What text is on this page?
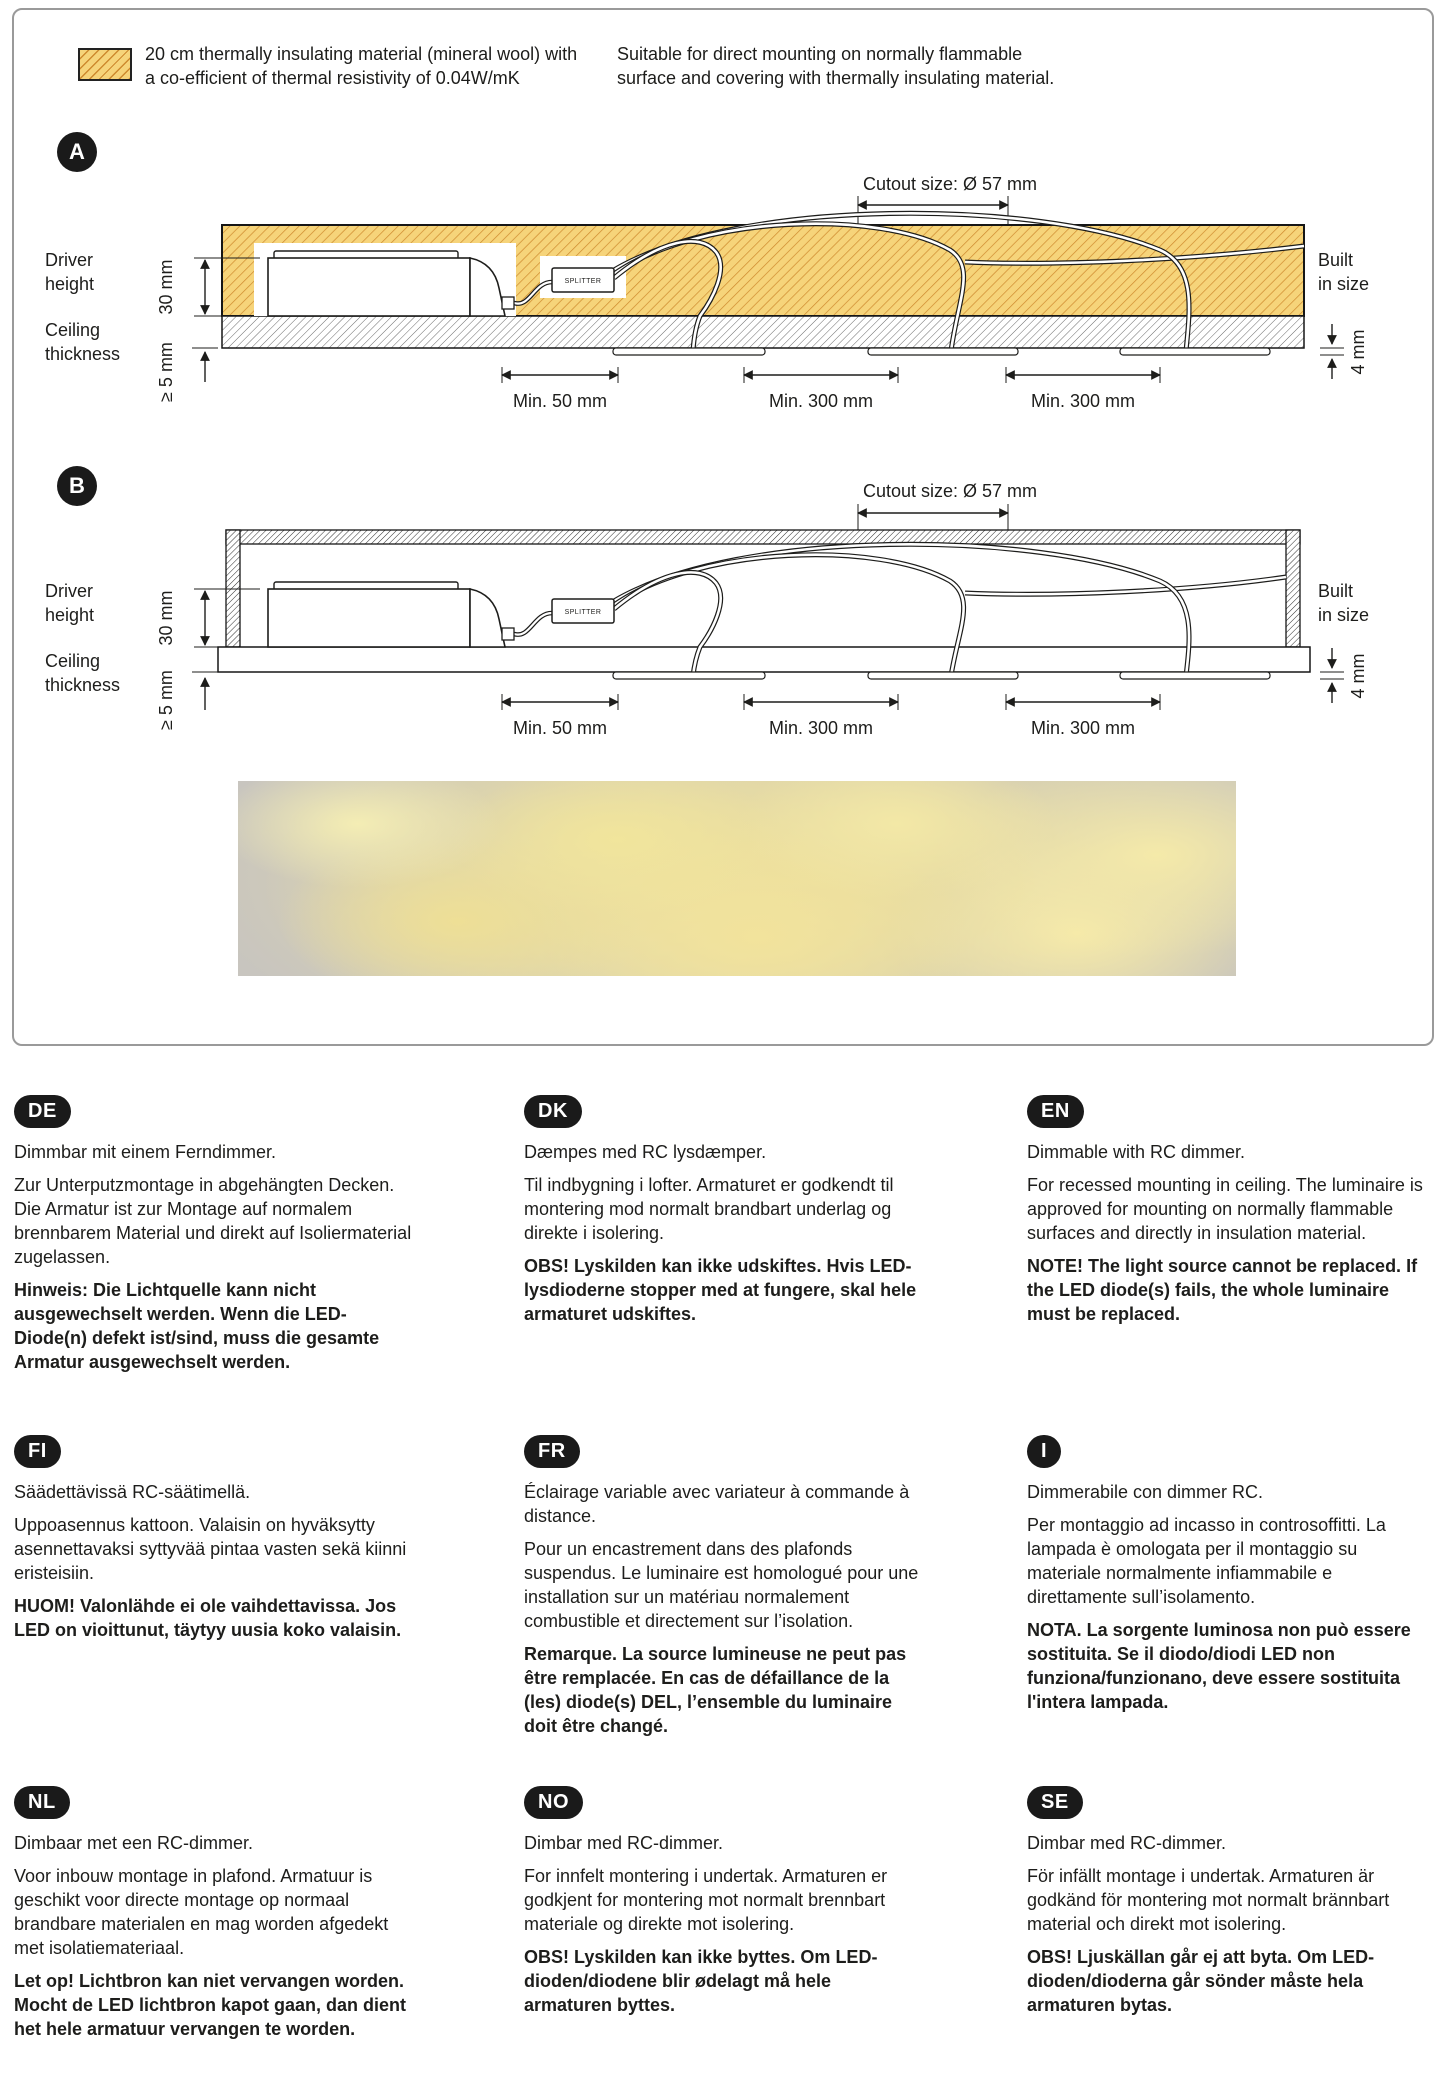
20 cm thermally insulating material (mineral wool) with
a co-efficient of thermal resistivity of 0.04W/mK
Suitable for direct mounting on normally flammable
surface and covering with thermally insulating material.
A
B
Cutout size: Ø 57 mm
SPLITTER
Driver
height	30 mm
Ceiling
thickness ≥ 5 mm
Built
in size
4 mm
Min. 50 mm	Min. 300 mm	Min. 300 mm
Cutout size: Ø 57 mm
SPLITTER
Driver
height	30 mm
Ceiling
thickness ≥ 5 mm
Built
in size
4 mm
Min. 50 mm	Min. 300 mm	Min. 300 mm
DE

Dimmbar mit einem Ferndimmer.

Zur Unterputzmontage in abgehängten Decken. Die Armatur ist zur Montage auf normalem brennbarem Material und direkt auf Isoliermaterial zugelassen.

Hinweis: Die Lichtquelle kann nicht ausgewechselt werden. Wenn die LED-Diode(n) defekt ist/sind, muss die gesamte Armatur ausgewechselt werden.

DK

Dæmpes med RC lysdæmper.

Til indbygning i lofter. Armaturet er godkendt til montering mod normalt brandbart underlag og direkte i isolering.

OBS! Lyskilden kan ikke udskiftes. Hvis LED-lysdioderne stopper med at fungere, skal hele armaturet udskiftes.

EN

Dimmable with RC dimmer.

For recessed mounting in ceiling. The luminaire is approved for mounting on normally flammable surfaces and directly in insulation material.

NOTE! The light source cannot be replaced. If the LED diode(s) fails, the whole luminaire must be replaced.

FI

Säädettävissä RC-säätimellä.

Uppoasennus kattoon. Valaisin on hyväksytty asennettavaksi syttyvää pintaa vasten sekä kiinni eristeisiin.

HUOM! Valonlähde ei ole vaihdettavissa. Jos LED on vioittunut, täytyy uusia koko valaisin.

FR

Éclairage variable avec variateur à commande à distance.

Pour un encastrement dans des plafonds suspendus. Le luminaire est homologué pour une installation sur un matériau normalement combustible et directement sur l’isolation.

Remarque. La source lumineuse ne peut pas être remplacée. En cas de défaillance de la (les) diode(s) DEL, l’ensemble du luminaire doit être changé.

I

Dimmerabile con dimmer RC.

Per montaggio ad incasso in controsoffitti. La lampada è omologata per il montaggio su materiale normalmente infiammabile e direttamente sull’isolamento.

NOTA. La sorgente luminosa non può essere sostituita. Se il diodo/diodi LED non funziona/funzionano, deve essere sostituita l'intera lampada.

NL

Dimbaar met een RC-dimmer.

Voor inbouw montage in plafond. Armatuur is geschikt voor directe montage op normaal brandbare materialen en mag worden afgedekt met isolatiemateriaal.

Let op! Lichtbron kan niet vervangen worden. Mocht de LED lichtbron kapot gaan, dan dient het hele armatuur vervangen te worden.

NO

Dimbar med RC-dimmer.

For innfelt montering i undertak. Armaturen er godkjent for montering mot normalt brennbart materiale og direkte mot isolering.

OBS! Lyskilden kan ikke byttes. Om LED-dioden/diodene blir ødelagt må hele armaturen byttes.

SE

Dimbar med RC-dimmer.

För infällt montage i undertak. Armaturen är godkänd för montering mot normalt brännbart material och direkt mot isolering.

OBS! Ljuskällan går ej att byta. Om LED-dioden/dioderna går sönder måste hela armaturen bytas.
